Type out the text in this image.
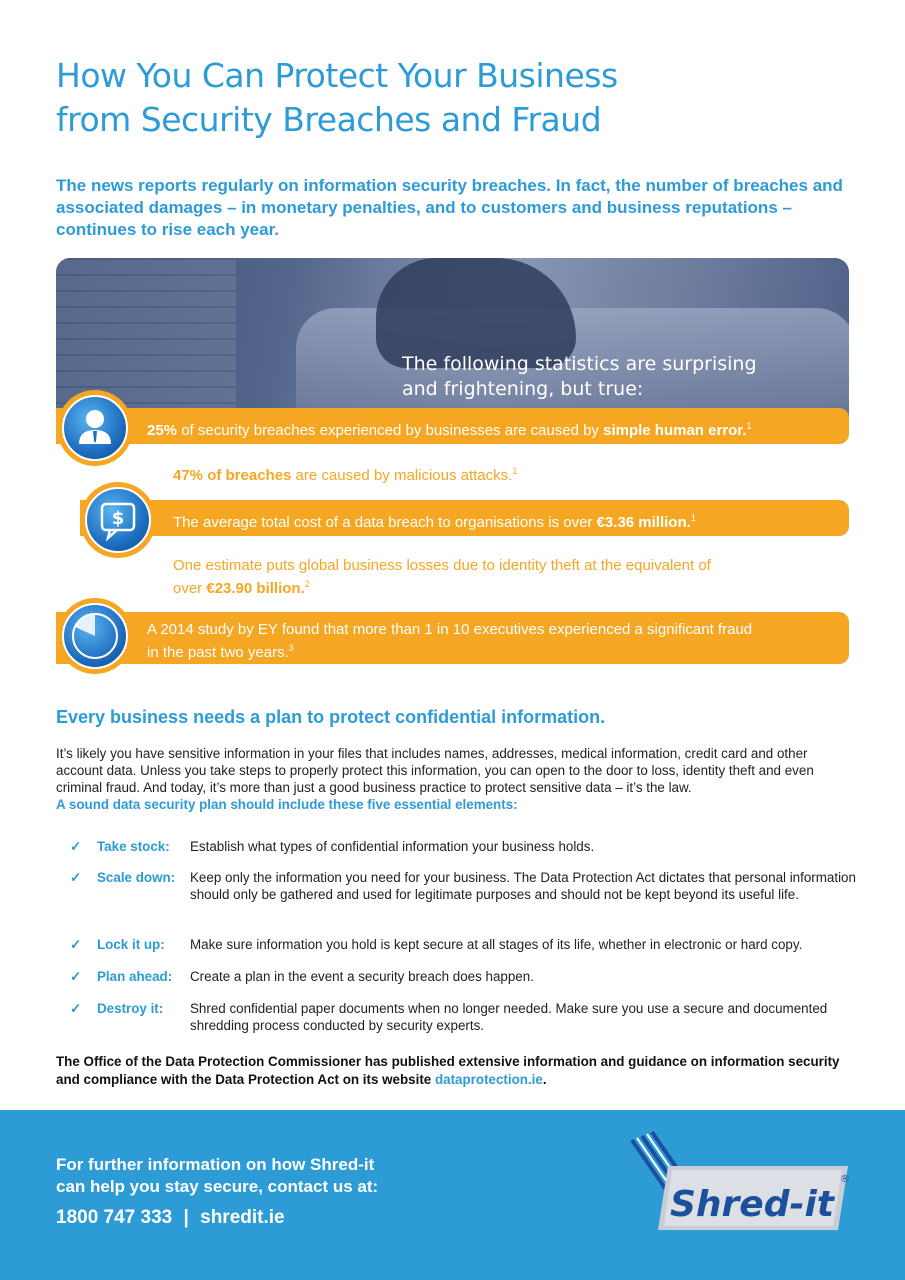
How You Can Protect Your Business
from Security Breaches and Fraud

The news reports regularly on information security breaches. In fact, the number of breaches and associated damages – in monetary penalties, and to customers and business reputations – continues to rise each year.

The following statistics are surprising
and frightening, but true:

25% of security breaches experienced by businesses are caused by simple human error.$^1$

47% of breaches are caused by malicious attacks.$^1$

The average total cost of a data breach to organisations is over €3.36 million.$^1$
$

One estimate puts global business losses due to identity theft at the equivalent of
over €23.90 billion.$^2$

A 2014 study by EY found that more than 1 in 10 executives experienced a significant fraud
in the past two years.$^3$
Every business needs a plan to protect confidential information.

It’s likely you have sensitive information in your files that includes names, addresses, medical information, credit card and other account data. Unless you take steps to properly protect this information, you can open to the door to loss, identity theft and even criminal fraud. And today, it’s more than just a good business practice to protect sensitive data – it’s the law.
A sound data security plan should include these five essential elements:

✓ Take stock: Establish what types of confidential information your business holds.
✓ Scale down: Keep only the information you need for your business. The Data Protection Act dictates that personal information should only be gathered and used for legitimate purposes and should not be kept beyond its useful life.
✓ Lock it up: Make sure information you hold is kept secure at all stages of its life, whether in electronic or hard copy.
✓ Plan ahead: Create a plan in the event a security breach does happen.
✓ Destroy it: Shred confidential paper documents when no longer needed. Make sure you use a secure and documented shredding process conducted by security experts.

The Office of the Data Protection Commissioner has published extensive information and guidance on information security and compliance with the Data Protection Act on its website dataprotection.ie.

For further information on how Shred-it
can help you stay secure, contact us at:

1800 747 333 | shredit.ie	Shred-it
®
